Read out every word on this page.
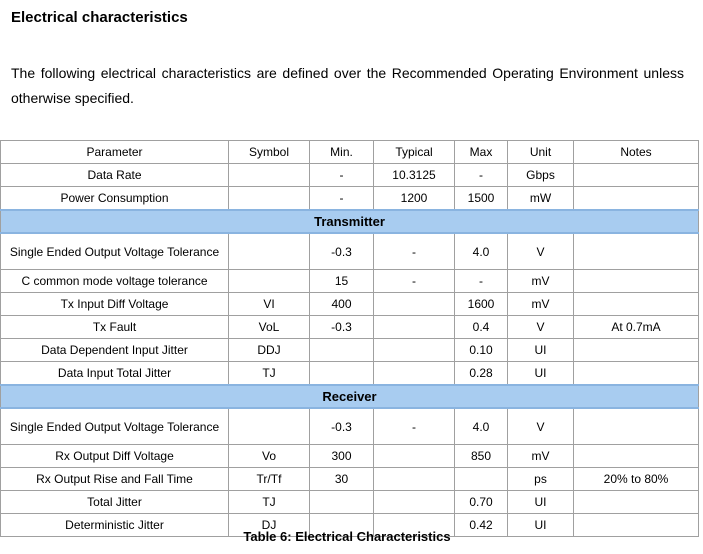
Electrical characteristics

The following electrical characteristics are defined over the Recommended Operating Environment unless otherwise specified.

Parameter	Symbol	Min.	Typical	Max	Unit	Notes
Data Rate		-	10.3125	-	Gbps	
Power Consumption		-	1200	1500	mW	
Transmitter						
Single Ended Output Voltage Tolerance		-0.3	-	4.0	V	
C common mode voltage tolerance		15	-	-	mV	
Tx Input Diff Voltage	VI	400		1600	mV	
Tx Fault	VoL	-0.3		0.4	V	At 0.7mA
Data Dependent Input Jitter	DDJ			0.10	UI	
Data Input Total Jitter	TJ			0.28	UI	
Receiver						
Single Ended Output Voltage Tolerance		-0.3	-	4.0	V	
Rx Output Diff Voltage	Vo	300		850	mV	
Rx Output Rise and Fall Time	Tr/Tf	30			ps	20% to 80%
Total Jitter	TJ			0.70	UI	
Deterministic Jitter	DJ			0.42	UI	

Table 6: Electrical Characteristics
